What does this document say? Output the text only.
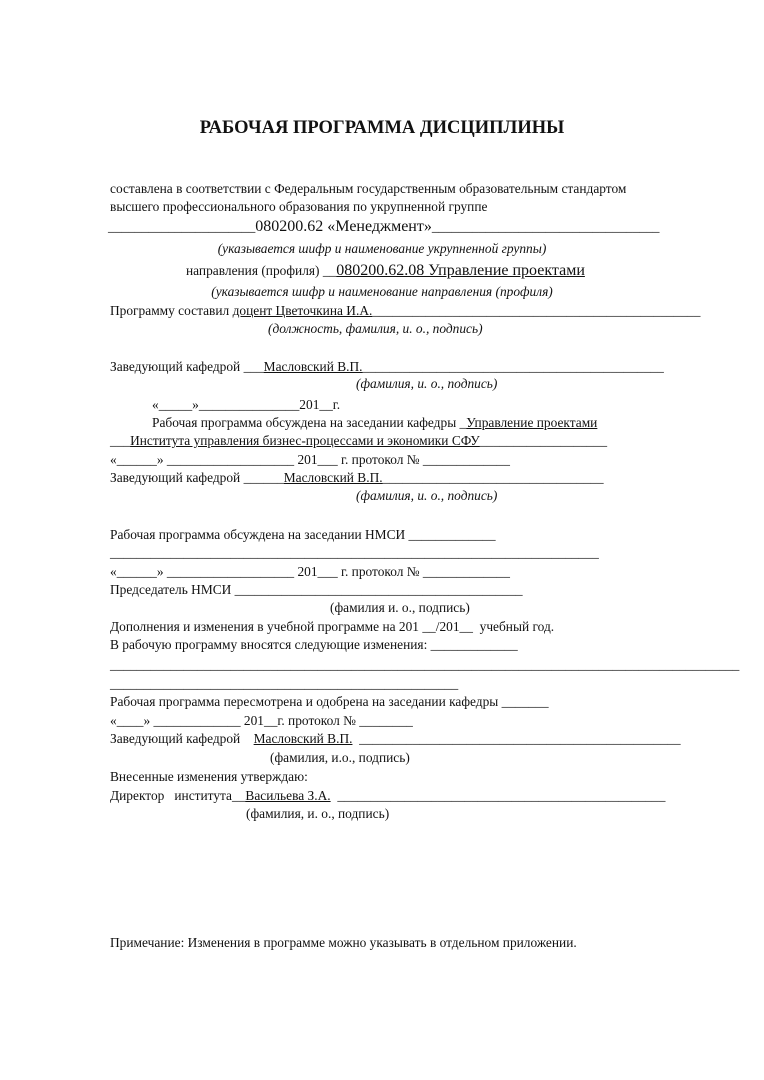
РАБОЧАЯ ПРОГРАММА ДИСЦИПЛИНЫ
составлена в соответствии с Федеральным государственным образовательным стандартом
высшего профессионального образования по укрупненной группе
______________________080200.62 «Менеджмент»__________________________________
(указывается шифр и наименование укрупненной группы)
направления (профиля) __080200.62.08 Управление проектами
(указывается шифр и наименование направления (профиля)
Программу составил доцент Цветочкина И.А._________________________________________________
(должность, фамилия, и. о., подпись)
Заведующий кафедрой ___Масловский В.П._____________________________________________
(фамилия, и. о., подпись)
«_____»_______________201__г.
Рабочая программа обсуждена на заседании кафедры _Управление проектами
___Института управления бизнес-процессами и экономики СФУ___________________
«______» ___________________ 201___ г. протокол № _____________
Заведующий кафедрой ______Масловский В.П._________________________________
(фамилия, и. о., подпись)
Рабочая программа обсуждена на заседании НМСИ _____________
_________________________________________________________________________
«______» ___________________ 201___ г. протокол № _____________
Председатель НМСИ ___________________________________________
(фамилия и. о., подпись)
Дополнения и изменения в учебной программе на 201 __/201__  учебный год.
В рабочую программу вносятся следующие изменения: _____________
______________________________________________________________________________________________
____________________________________________________
Рабочая программа пересмотрена и одобрена на заседании кафедры _______
«____» _____________ 201__г. протокол № ________
Заведующий кафедрой    Масловский В.П.  ________________________________________________
(фамилия, и.о., подпись)
Внесенные изменения утверждаю:
Директор   института__Васильева З.А.  _________________________________________________
(фамилия, и. о., подпись)
Примечание: Изменения в программе можно указывать в отдельном приложении.
